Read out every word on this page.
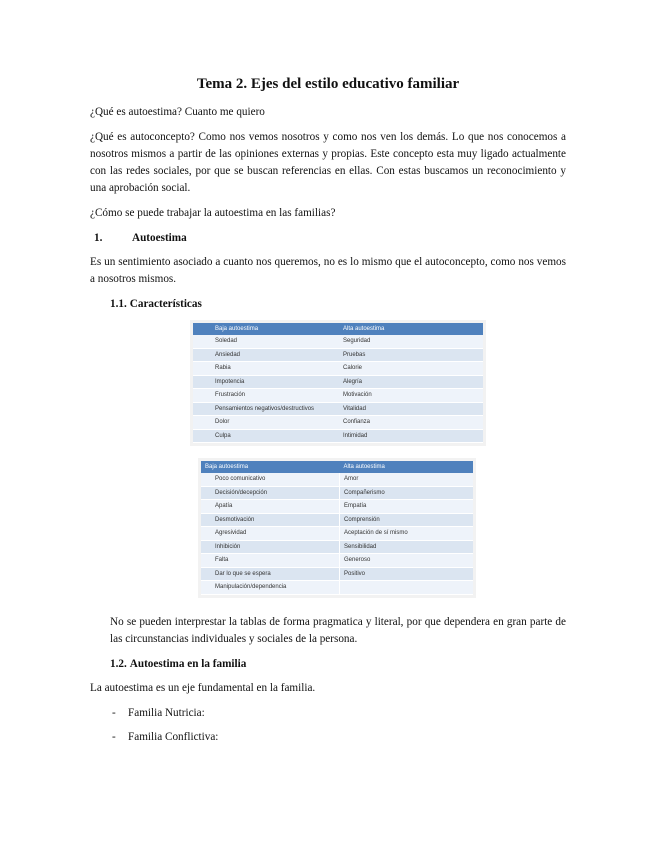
Tema 2. Ejes del estilo educativo familiar

¿Qué es autoestima? Cuanto me quiero

¿Qué es autoconcepto? Como nos vemos nosotros y como nos ven los demás. Lo que nos conocemos a nosotros mismos a partir de las opiniones externas y propias. Este concepto esta muy ligado actualmente con las redes sociales, por que se buscan referencias en ellas. Con estas buscamos un reconocimiento y una aprobación social.

¿Cómo se puede trabajar la autoestima en las familias?

1.	Autoestima

Es un sentimiento asociado a cuanto nos queremos, no es lo mismo que el autoconcepto, como nos vemos a nosotros mismos.

1.1. Características
Baja autoestima	Alta autoestima
Soledad	Seguridad
Ansiedad	Pruebas
Rabia	Calorie
Impotencia	Alegría
Frustración	Motivación
Pensamientos negativos/destructivos	Vitalidad
Dolor	Confianza
Culpa	Intimidad
Baja autoestima	Alta autoestima
Poco comunicativo	Amor
Decisión/decepción	Compañerismo
Apatía	Empatía
Desmotivación	Comprensión
Agresividad	Aceptación de sí mismo
Inhibición	Sensibilidad
Falta	Generoso
Dar lo que se espera	Positivo
Manipulación/dependencia	

No se pueden interprestar la tablas de forma pragmatica y literal, por que dependera en gran parte de las circunstancias individuales y sociales de la persona.

1.2. Autoestima en la familia

La autoestima es un eje fundamental en la familia.

- Familia Nutricia:
- Familia Conflictiva:
